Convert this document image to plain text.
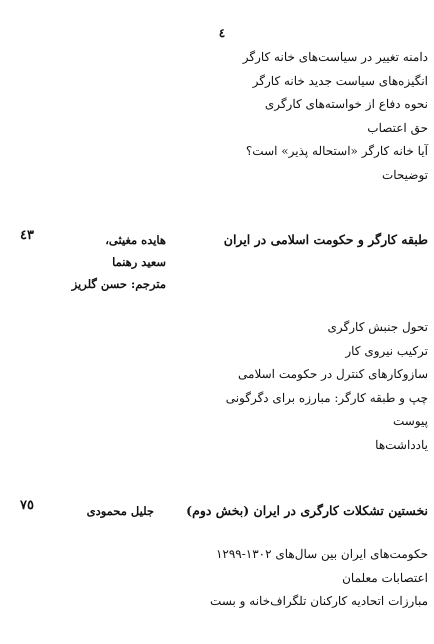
٤
دامنه تغییر در سیاست‌های خانه کارگر
انگیزه‌های سیاست جدید خانه کارگر
نحوه دفاع از خواسته‌های کارگری
حق اعتصاب
آیا خانه کارگر «استحاله پذیر» است؟
توضیحات
طبقه کارگر و حکومت اسلامی در ایران
هایده مغیثی،
سعید رهنما
مترجم: حسن گلریز
٤٣
تحول جنبش کارگری
ترکیب نیروی کار
سازوکارهای کنترل در حکومت اسلامی
چپ و طبقه کارگر: مبارزه برای دگرگونی
پیوست
یادداشت‌ها
نخستین تشکلات کارگری در ایران (بخش دوم)
جلیل محمودی
٧٥
حکومت‌های ایران بین سال‌های ۱۳۰۲-۱۲۹۹
اعتصابات معلمان
مبارزات اتحادیه کارکنان تلگراف‌خانه و بست
